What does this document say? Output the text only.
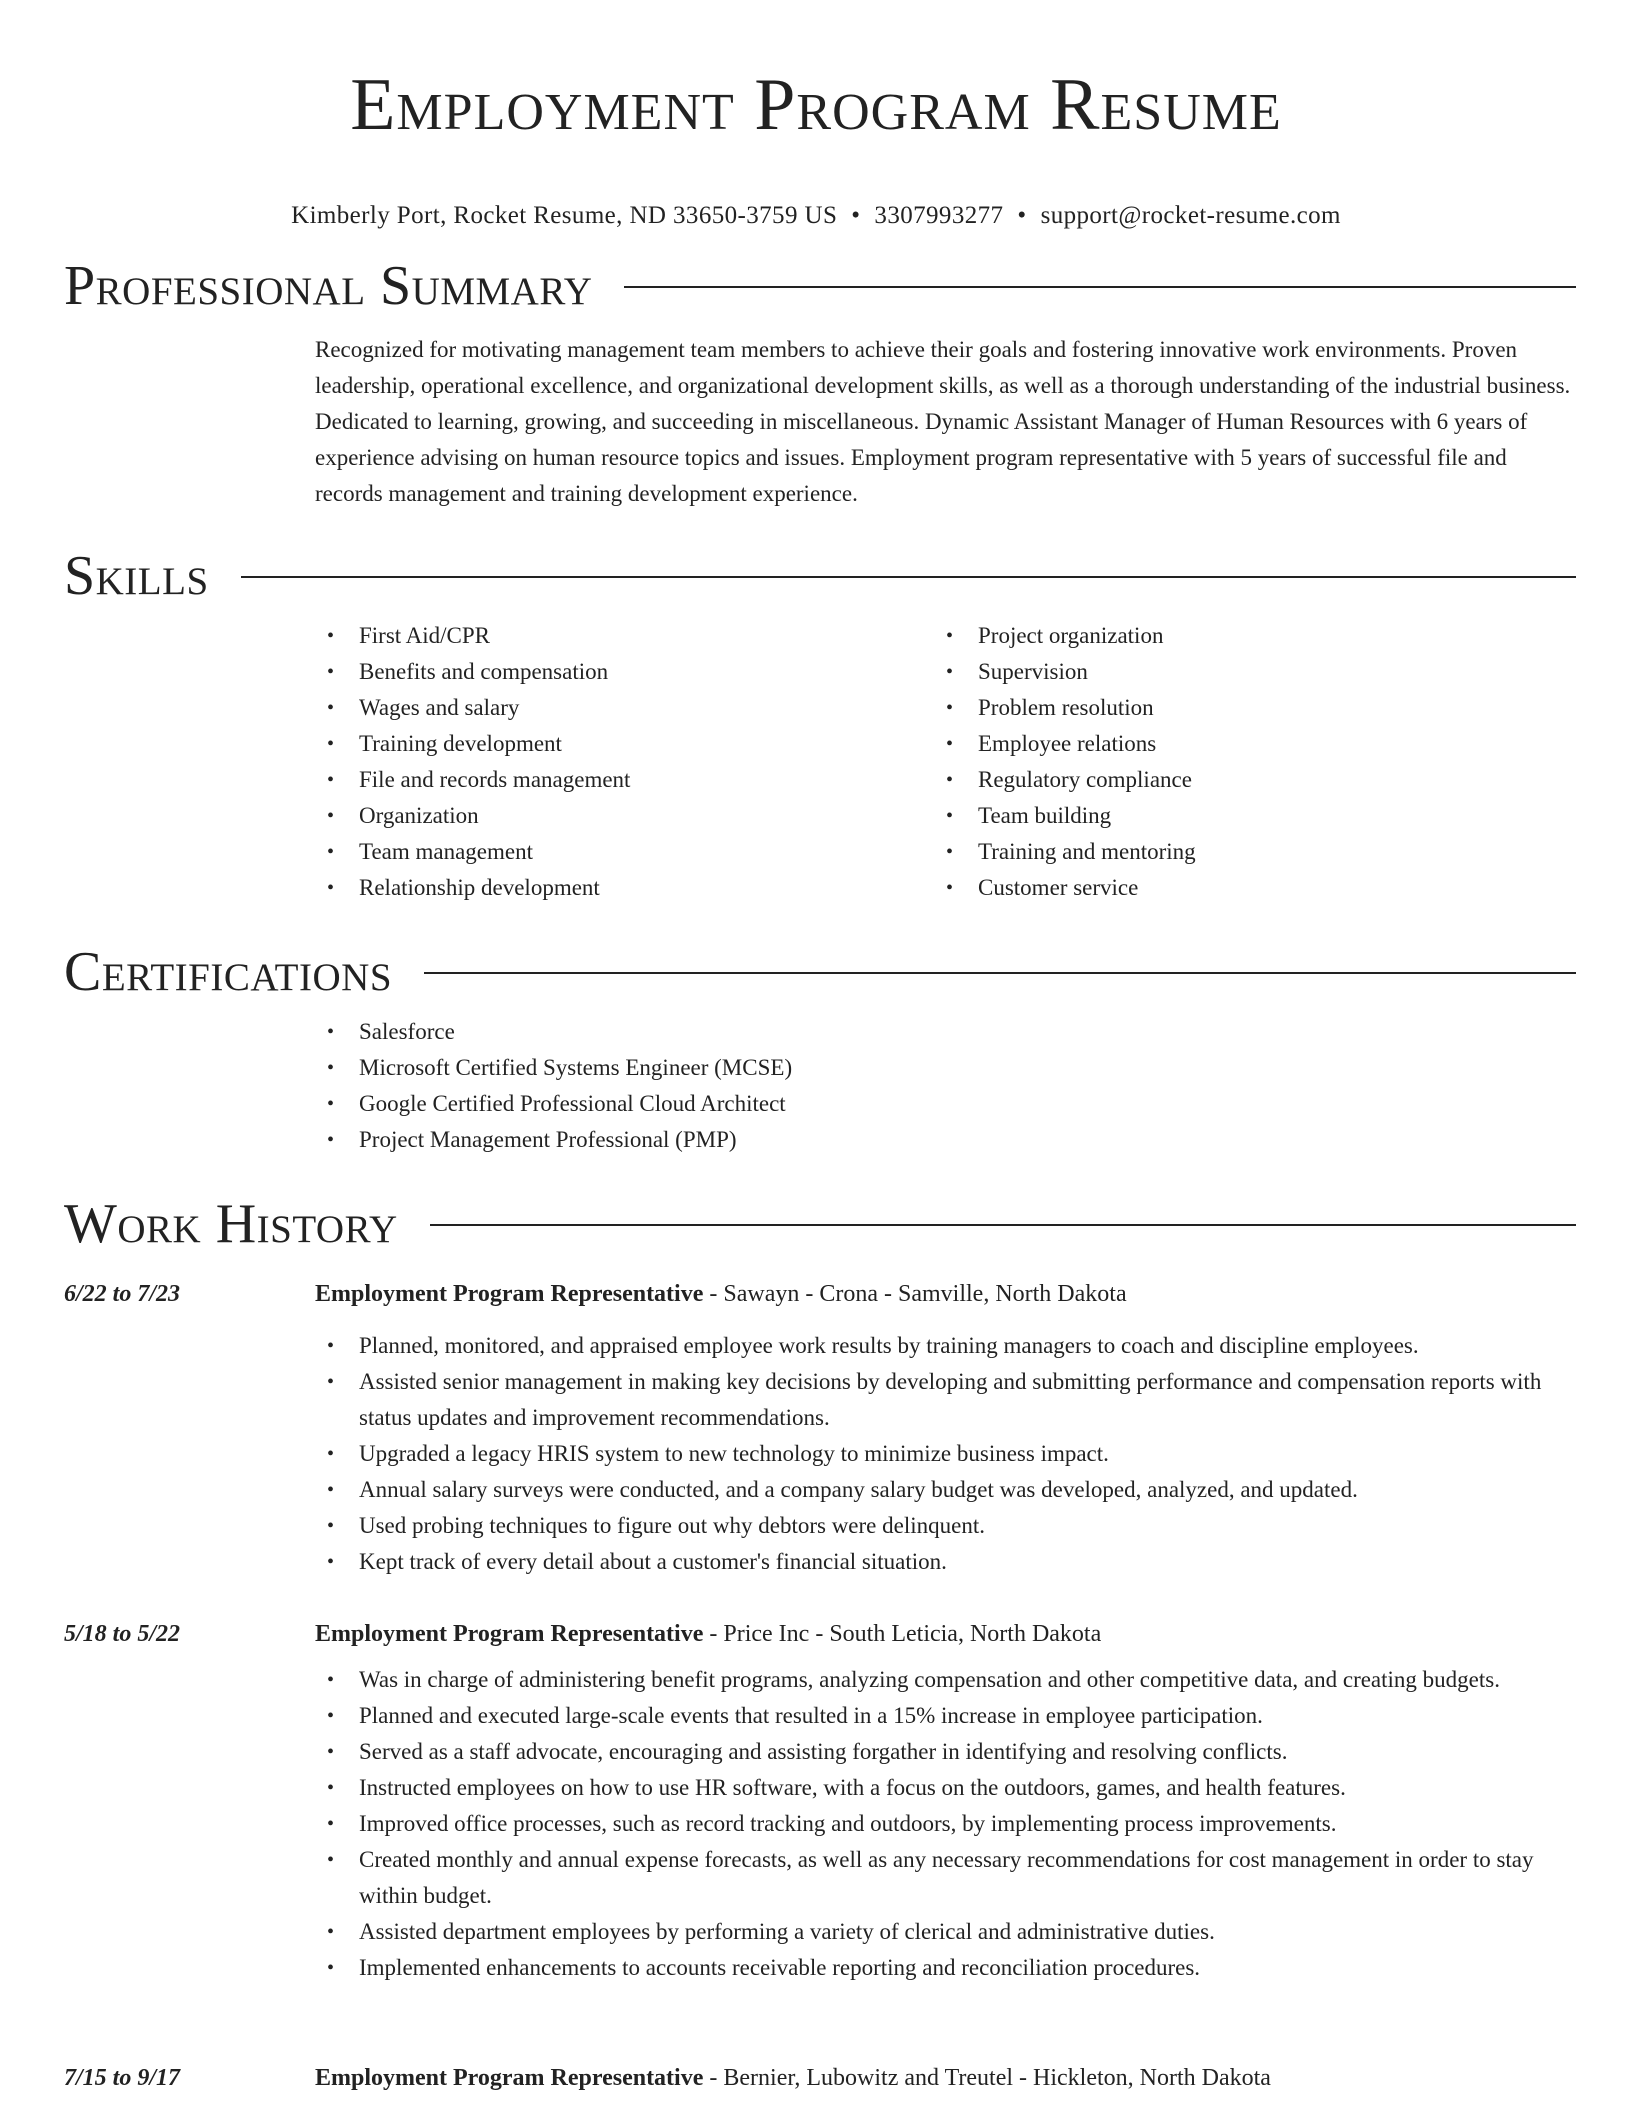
Employment Program Resume
Kimberly Port, Rocket Resume, ND 33650-3759 US • 3307993277 • support@rocket-resume.com
Professional Summary
Recognized for motivating management team members to achieve their goals and fostering innovative work environments. Proven leadership, operational excellence, and organizational development skills, as well as a thorough understanding of the industrial business. Dedicated to learning, growing, and succeeding in miscellaneous. Dynamic Assistant Manager of Human Resources with 6 years of experience advising on human resource topics and issues. Employment program representative with 5 years of successful file and records management and training development experience.
Skills
• First Aid/CPR
• Benefits and compensation
• Wages and salary
• Training development
• File and records management
• Organization
• Team management
• Relationship development
• Project organization
• Supervision
• Problem resolution
• Employee relations
• Regulatory compliance
• Team building
• Training and mentoring
• Customer service
Certifications
• Salesforce
• Microsoft Certified Systems Engineer (MCSE)
• Google Certified Professional Cloud Architect
• Project Management Professional (PMP)
Work History
6/22 to 7/23	Employment Program Representative - Sawayn - Crona - Samville, North Dakota
• Planned, monitored, and appraised employee work results by training managers to coach and discipline employees.
• Assisted senior management in making key decisions by developing and submitting performance and compensation reports with status updates and improvement recommendations.
• Upgraded a legacy HRIS system to new technology to minimize business impact.
• Annual salary surveys were conducted, and a company salary budget was developed, analyzed, and updated.
• Used probing techniques to figure out why debtors were delinquent.
• Kept track of every detail about a customer's financial situation.
5/18 to 5/22	Employment Program Representative - Price Inc - South Leticia, North Dakota
• Was in charge of administering benefit programs, analyzing compensation and other competitive data, and creating budgets.
• Planned and executed large-scale events that resulted in a 15% increase in employee participation.
• Served as a staff advocate, encouraging and assisting forgather in identifying and resolving conflicts.
• Instructed employees on how to use HR software, with a focus on the outdoors, games, and health features.
• Improved office processes, such as record tracking and outdoors, by implementing process improvements.
• Created monthly and annual expense forecasts, as well as any necessary recommendations for cost management in order to stay within budget.
• Assisted department employees by performing a variety of clerical and administrative duties.
• Implemented enhancements to accounts receivable reporting and reconciliation procedures.
7/15 to 9/17	Employment Program Representative - Bernier, Lubowitz and Treutel - Hickleton, North Dakota
